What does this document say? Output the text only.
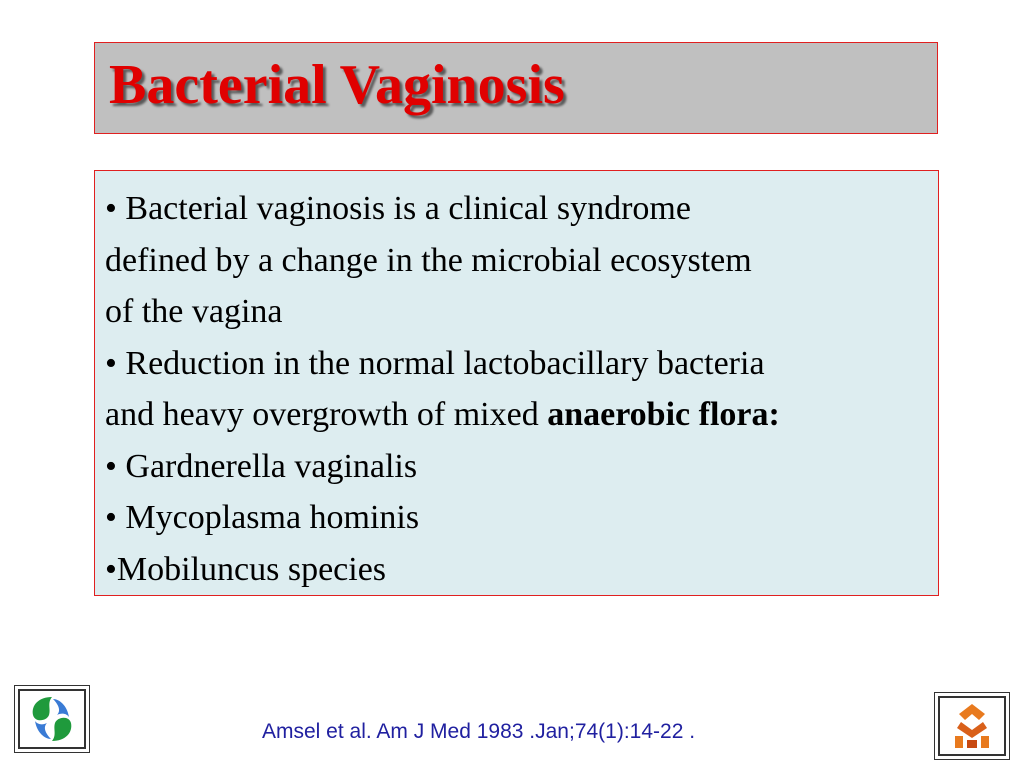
Bacterial Vaginosis
• Bacterial vaginosis is a clinical syndrome
defined by a change in the microbial ecosystem
of the vagina
• Reduction in the normal lactobacillary bacteria
and heavy overgrowth of mixed anaerobic flora:
• Gardnerella vaginalis
• Mycoplasma hominis
•Mobiluncus species
Amsel et al. Am J Med 1983 .Jan;74(1):14-22 .
